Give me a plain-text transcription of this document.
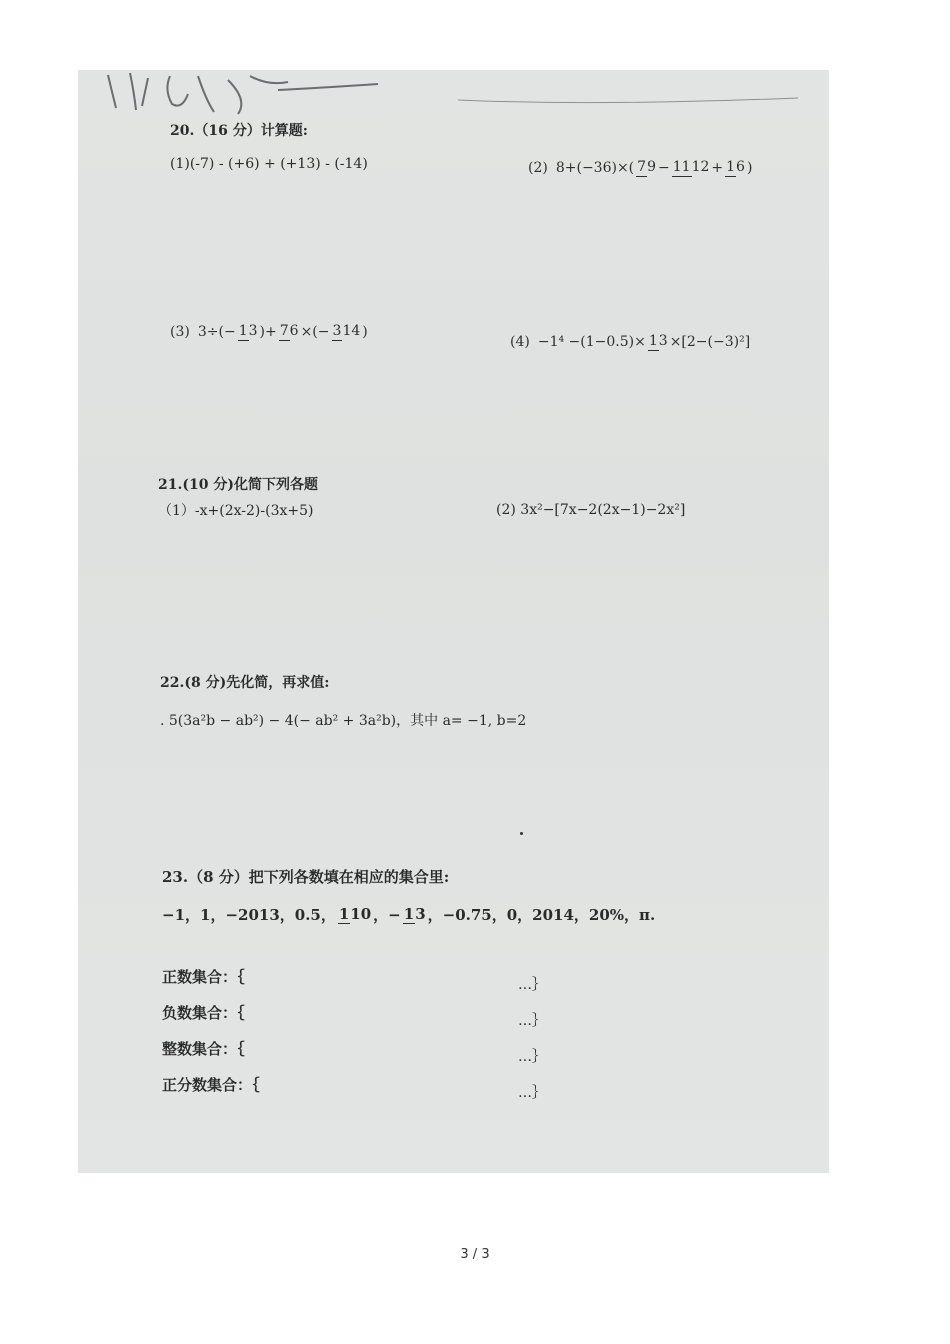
20.（16 分）计算题:
(1)(-7) - (+6) + (+13) - (-14)	(2) 8+(−36)×( 79 − 1112 + 16 )
(3) 3÷(− 13 )+ 76 ×(− 314 )
(4) −1⁴ −(1−0.5)× 13 ×[2−(−3)²]
21.(10 分)化简下列各题
（1）-x+(2x-2)-(3x+5)	(2) 3x²−[7x−2(2x−1)−2x²]
22.(8 分)先化简，再求值:
. 5(3a²b − ab²) − 4(− ab² + 3a²b)，其中 a= −1, b=2
23.（8 分）把下列各数填在相应的集合里:
−1，1，−2013，0.5， 110 ，− 13 ，−0.75，0，2014，20%，π.
正数集合：｛	…｝
负数集合：｛	…｝
整数集合：｛	…｝
正分数集合：｛	…｝
3 / 3
